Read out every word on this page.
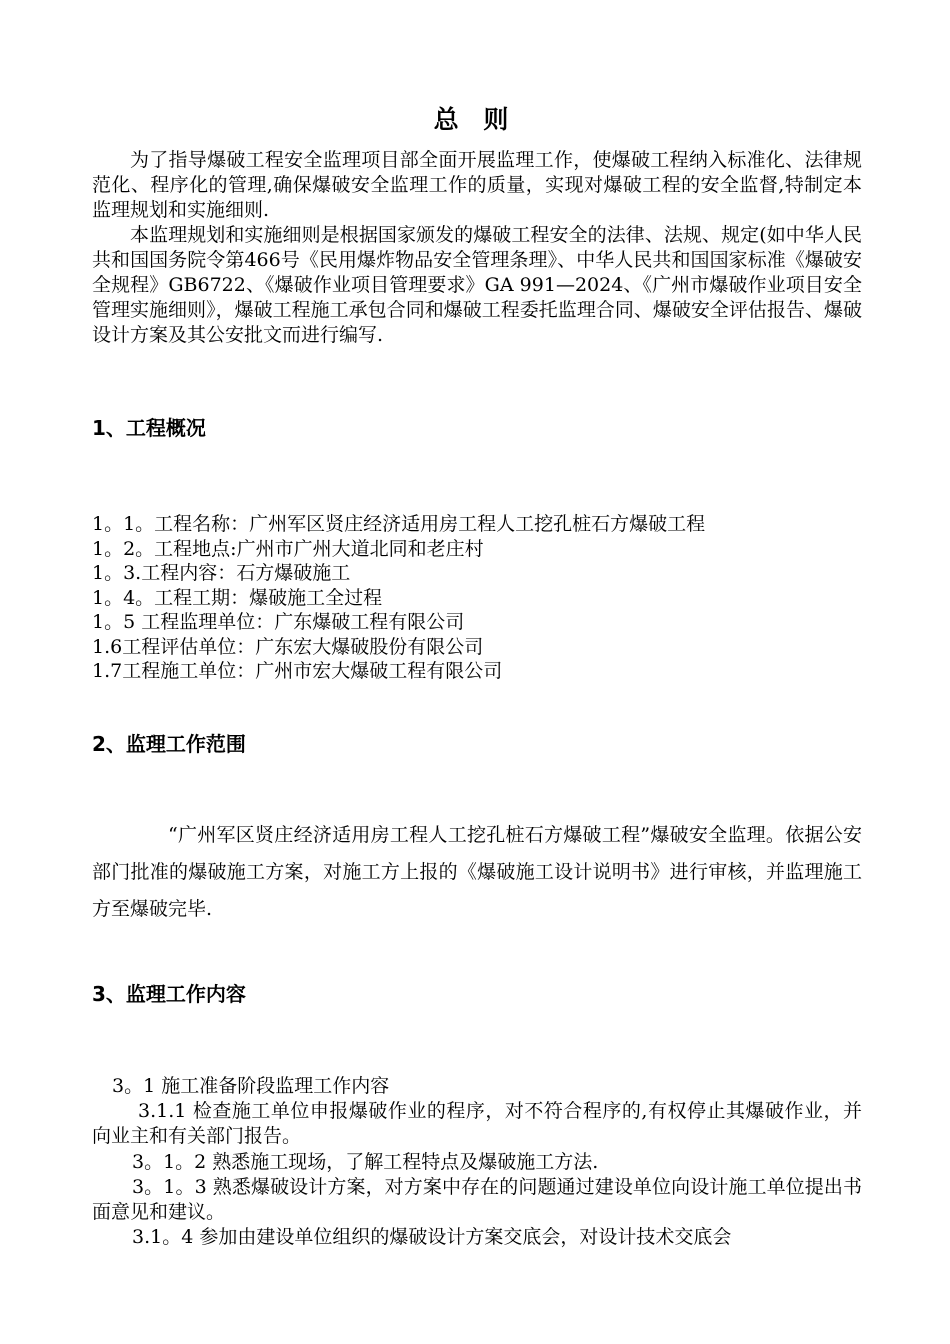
总 则

为了指导爆破工程安全监理项目部全面开展监理工作，使爆破工程纳入标准化、法律规范化、程序化的管理,确保爆破安全监理工作的质量，实现对爆破工程的安全监督,特制定本监理规划和实施细则.

本监理规划和实施细则是根据国家颁发的爆破工程安全的法律、法规、规定(如中华人民共和国国务院令第466号《民用爆炸物品安全管理条理》、中华人民共和国国家标准《爆破安全规程》GB6722、《爆破作业项目管理要求》GA 991—2024、《广州市爆破作业项目安全管理实施细则》，爆破工程施工承包合同和爆破工程委托监理合同、爆破安全评估报告、爆破设计方案及其公安批文而进行编写.

1、工程概况
1。1。工程名称：广州军区贤庄经济适用房工程人工挖孔桩石方爆破工程
1。2。工程地点:广州市广州大道北同和老庄村
1。3.工程内容：石方爆破施工
1。4。工程工期：爆破施工全过程
1。5 工程监理单位：广东爆破工程有限公司
1.6工程评估单位：广东宏大爆破股份有限公司
1.7工程施工单位：广州市宏大爆破工程有限公司
2、监理工作范围

“广州军区贤庄经济适用房工程人工挖孔桩石方爆破工程”爆破安全监理。依据公安部门批准的爆破施工方案，对施工方上报的《爆破施工设计说明书》进行审核，并监理施工方至爆破完毕.

3、监理工作内容
3。1 施工准备阶段监理工作内容

3.1.1 检查施工单位申报爆破作业的程序，对不符合程序的,有权停止其爆破作业，并向业主和有关部门报告。

3。1。2 熟悉施工现场，了解工程特点及爆破施工方法.

3。1。3 熟悉爆破设计方案，对方案中存在的问题通过建设单位向设计施工单位提出书面意见和建议。

3.1。4 参加由建设单位组织的爆破设计方案交底会，对设计技术交底会
